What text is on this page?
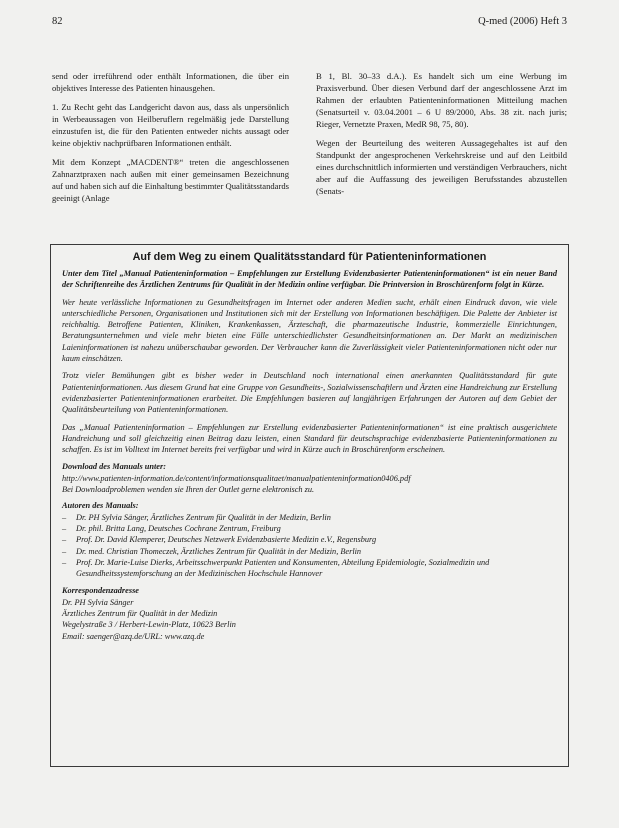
82	Q-med (2006) Heft 3

send oder irreführend oder enthält Informationen, die über ein objektives Interesse des Patienten hinausgehen.

1. Zu Recht geht das Landgericht davon aus, dass als unpersönlich in Werbeaussagen von Heilberuflern regelmäßig jede Darstellung einzustufen ist, die für den Patienten entweder nichts aussagt oder keine objektiv nachprüfbaren Informationen enthält.

Mit dem Konzept „MACDENT®“ treten die angeschlossenen Zahnarztpraxen nach außen mit einer gemeinsamen Bezeichnung auf und haben sich auf die Einhaltung bestimmter Qualitätsstandards geeinigt (Anlage

B 1, Bl. 30–33 d.A.). Es handelt sich um eine Werbung im Praxisverbund. Über diesen Verbund darf der angeschlossene Arzt im Rahmen der erlaubten Patienteninformationen Mitteilung machen (Senatsurteil v. 03.04.2001 – 6 U 89/2000, Abs. 38 zit. nach juris; Rieger, Vernetzte Praxen, MedR 98, 75, 80).

Wegen der Beurteilung des weiteren Aussagegehaltes ist auf den Standpunkt der angesprochenen Verkehrskreise und auf den Leitbild eines durchschnittlich informierten und verständigen Verbrauchers, nicht aber auf die Auffassung des jeweiligen Berufsstandes abzustellen (Senats-

Auf dem Weg zu einem Qualitätsstandard für Patienteninformationen

Unter dem Titel „Manual Patienteninformation – Empfehlungen zur Erstellung Evidenzbasierter Patienteninformationen“ ist ein neuer Band der Schriftenreihe des Ärztlichen Zentrums für Qualität in der Medizin online verfügbar. Die Printversion in Broschürenform folgt in Kürze.

Wer heute verlässliche Informationen zu Gesundheitsfragen im Internet oder anderen Medien sucht, erhält einen Eindruck davon, wie viele unterschiedliche Personen, Organisationen und Institutionen sich mit der Erstellung von Informationen beschäftigen. Die Palette der Anbieter ist reichhaltig. Betroffene Patienten, Kliniken, Krankenkassen, Ärzteschaft, die pharmazeutische Industrie, kommerzielle Einrichtungen, Beratungsunternehmen und viele mehr bieten eine Fülle unterschiedlichster Gesundheitsinformationen an. Der Markt an medizinischen Laieninformationen ist nahezu unüberschaubar geworden. Der Verbraucher kann die Zuverlässigkeit vieler Patienteninformationen nicht oder nur kaum einschätzen.

Trotz vieler Bemühungen gibt es bisher weder in Deutschland noch international einen anerkannten Qualitätsstandard für gute Patienteninformationen. Aus diesem Grund hat eine Gruppe von Gesundheits-, Sozialwissenschaftlern und Ärzten eine Handreichung zur Erstellung evidenzbasierter Patienteninformationen erarbeitet. Die Empfehlungen basieren auf langjährigen Erfahrungen der Autoren auf dem Gebiet der Qualitätsbeurteilung von Patienteninformationen.

Das „Manual Patienteninformation – Empfehlungen zur Erstellung evidenzbasierter Patienteninformationen“ ist eine praktisch ausgerichtete Handreichung und soll gleichzeitig einen Beitrag dazu leisten, einen Standard für deutschsprachige evidenzbasierte Patienteninformationen zu schaffen. Es ist im Volltext im Internet bereits frei verfügbar und wird in Kürze auch in Broschürenform erscheinen.

Download des Manuals unter:
http://www.patienten-information.de/content/informationsqualitaet/manualpatienteninformation0406.pdf
Bei Downloadproblemen wenden sie Ihren der Outlet gerne elektronisch zu.
Autoren des Manuals:
– Dr. PH Sylvia Sänger, Ärztliches Zentrum für Qualität in der Medizin, Berlin
– Dr. phil. Britta Lang, Deutsches Cochrane Zentrum, Freiburg
– Prof. Dr. David Klemperer, Deutsches Netzwerk Evidenzbasierte Medizin e.V., Regensburg
– Dr. med. Christian Thomeczek, Ärztliches Zentrum für Qualität in der Medizin, Berlin
– Prof. Dr. Marie-Luise Dierks, Arbeitsschwerpunkt Patienten und Konsumenten, Abteilung Epidemiologie, Sozialmedizin und Gesundheitssystemforschung an der Medizinischen Hochschule Hannover
Korrespondenzadresse
Dr. PH Sylvia Sänger
Ärztliches Zentrum für Qualität in der Medizin
Wegelystraße 3 / Herbert-Lewin-Platz, 10623 Berlin
Email: saenger@azq.de/URL: www.azq.de
